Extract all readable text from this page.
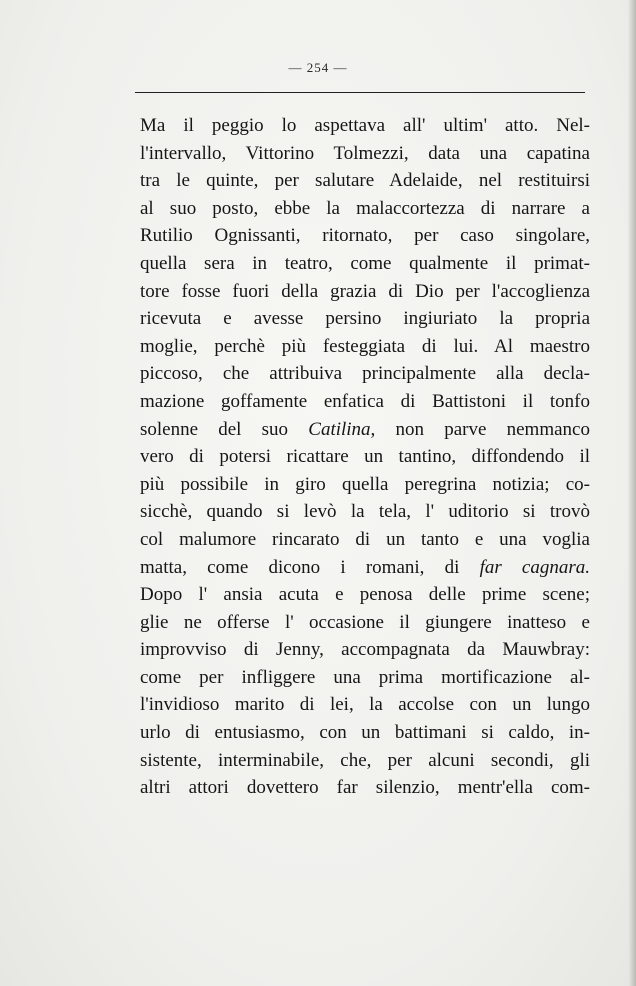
— 254 —
Ma il peggio lo aspettava all' ultim' atto. Nel-
l'intervallo, Vittorino Tolmezzi, data una capatina
tra le quinte, per salutare Adelaide, nel restituirsi
al suo posto, ebbe la malaccortezza di narrare a
Rutilio Ognissanti, ritornato, per caso singolare,
quella sera in teatro, come qualmente il primat-
tore fosse fuori della grazia di Dio per l'accoglienza
ricevuta e avesse persino ingiuriato la propria
moglie, perchè più festeggiata di lui. Al maestro
piccoso, che attribuiva principalmente alla decla-
mazione goffamente enfatica di Battistoni il tonfo
solenne del suo Catilina, non parve nemmanco
vero di potersi ricattare un tantino, diffondendo il
più possibile in giro quella peregrina notizia; co-
sicchè, quando si levò la tela, l' uditorio si trovò
col malumore rincarato di un tanto e una voglia
matta, come dicono i romani, di far cagnara.
Dopo l' ansia acuta e penosa delle prime scene;
glie ne offerse l' occasione il giungere inatteso e
improvviso di Jenny, accompagnata da Mauwbray:
come per infliggere una prima mortificazione al-
l'invidioso marito di lei, la accolse con un lungo
urlo di entusiasmo, con un battimani si caldo, in-
sistente, interminabile, che, per alcuni secondi, gli
altri attori dovettero far silenzio, mentr'ella com-
